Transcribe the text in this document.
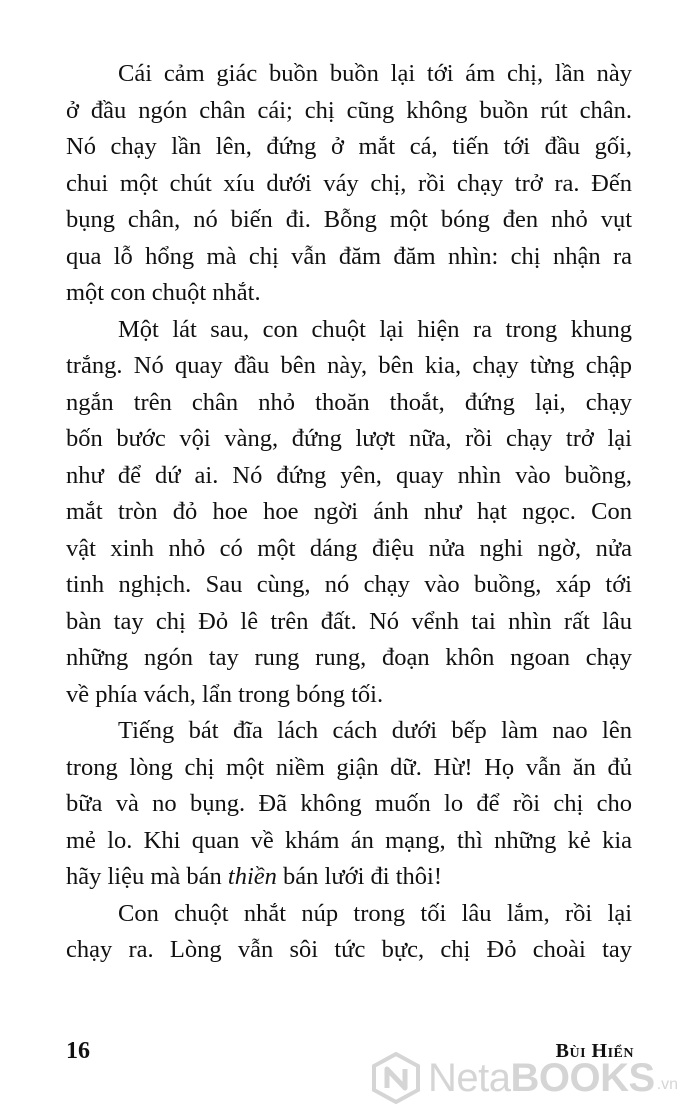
Cái cảm giác buồn buồn lại tới ám chị, lần này
ở đầu ngón chân cái; chị cũng không buồn rút chân.
Nó chạy lần lên, đứng ở mắt cá, tiến tới đầu gối,
chui một chút xíu dưới váy chị, rồi chạy trở ra. Đến
bụng chân, nó biến đi. Bỗng một bóng đen nhỏ vụt
qua lỗ hổng mà chị vẫn đăm đăm nhìn: chị nhận ra
một con chuột nhắt.
Một lát sau, con chuột lại hiện ra trong khung
trắng. Nó quay đầu bên này, bên kia, chạy từng chập
ngắn trên chân nhỏ thoăn thoắt, đứng lại, chạy
bốn bước vội vàng, đứng lượt nữa, rồi chạy trở lại
như để dứ ai. Nó đứng yên, quay nhìn vào buồng,
mắt tròn đỏ hoe hoe ngời ánh như hạt ngọc. Con
vật xinh nhỏ có một dáng điệu nửa nghi ngờ, nửa
tinh nghịch. Sau cùng, nó chạy vào buồng, xáp tới
bàn tay chị Đỏ lê trên đất. Nó vểnh tai nhìn rất lâu
những ngón tay rung rung, đoạn khôn ngoan chạy
về phía vách, lẩn trong bóng tối.
Tiếng bát đĩa lách cách dưới bếp làm nao lên
trong lòng chị một niềm giận dữ. Hừ! Họ vẫn ăn đủ
bữa và no bụng. Đã không muốn lo để rồi chị cho
mẻ lo. Khi quan về khám án mạng, thì những kẻ kia
hãy liệu mà bán thiền bán lưới đi thôi!
Con chuột nhắt núp trong tối lâu lắm, rồi lại
chạy ra. Lòng vẫn sôi tức bực, chị Đỏ choài tay
16	Bùi Hiển
NetaBOOKS .vn
